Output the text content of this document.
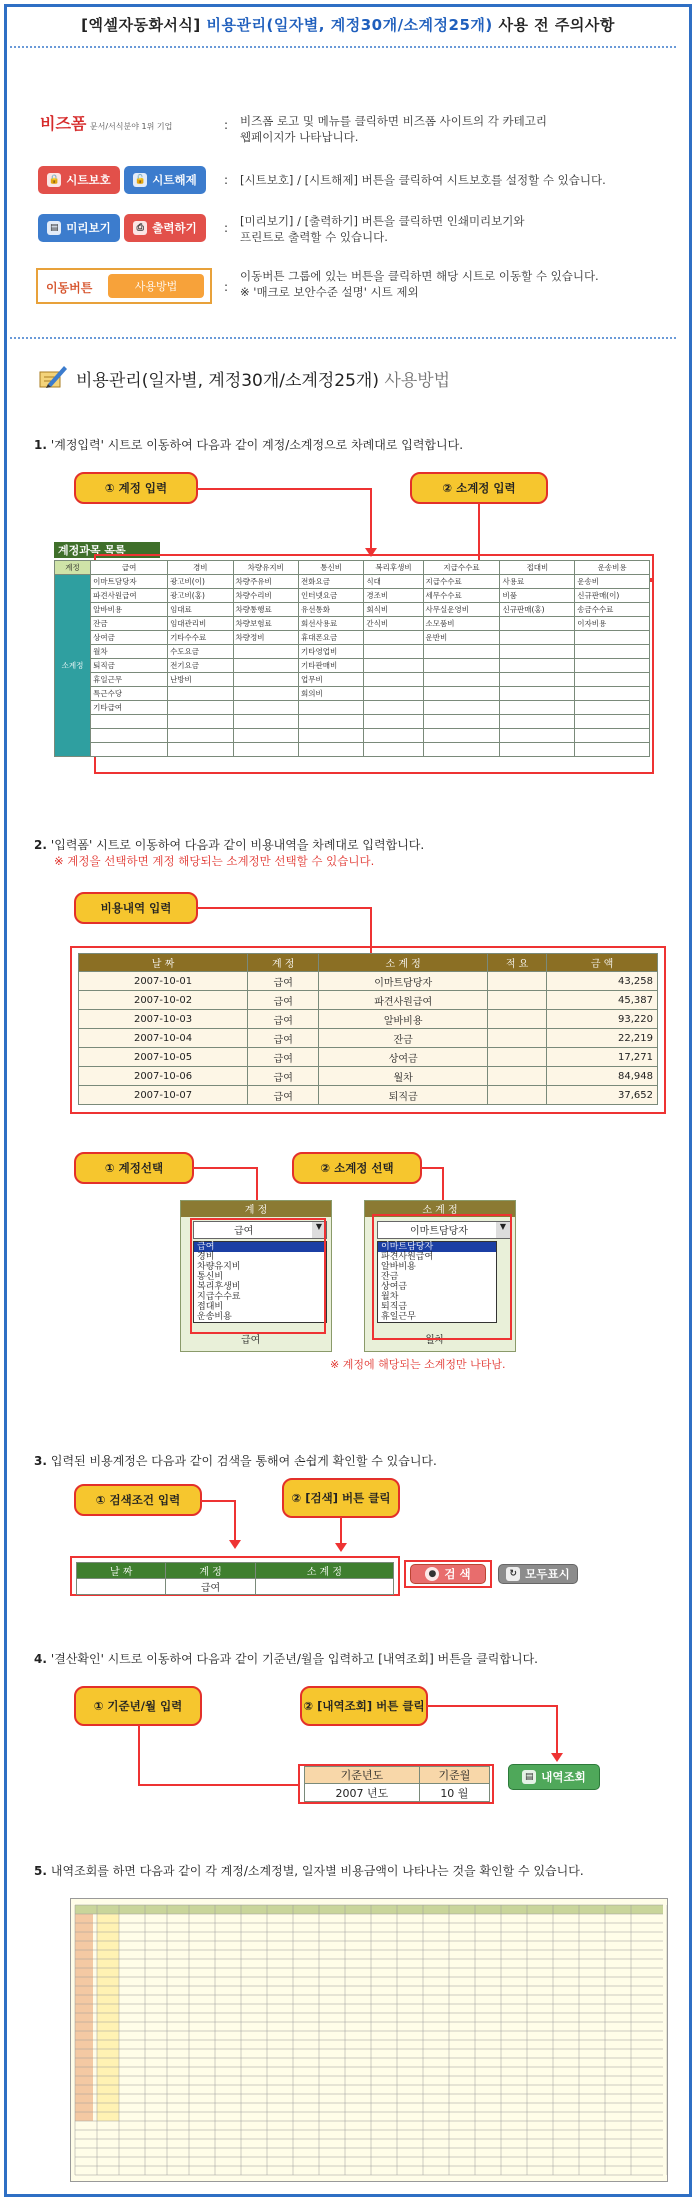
[엑셀자동화서식] 비용관리(일자별, 계정30개/소계정25개) 사용 전 주의사항
비즈폼 문서/서식분야 1위 기업	: 비즈폼 로고 및 메뉴를 클릭하면 비즈폼 사이트의 각 카테고리
웹페이지가 나타납니다.
🔒 시트보호	🔓 시트해제 : [시트보호] / [시트해제] 버튼을 클릭하여 시트보호를 설정할 수 있습니다.
▤ 미리보기	⎙ 출력하기 : [미리보기] / [출력하기] 버튼을 클릭하면 인쇄미리보기와
프린트로 출력할 수 있습니다.
이동버튼	사용방법	:
이동버튼 그룹에 있는 버튼을 클릭하면 해당 시트로 이동할 수 있습니다.
※ '매크로 보안수준 설명' 시트 제외
비용관리(일자별, 계정30개/소계정25개) 사용방법
1. '계정입력' 시트로 이동하여 다음과 같이 계정/소계정으로 차례대로 입력합니다.
① 계정 입력	② 소계정 입력
계정과목 목록
계정	급여	경비	차량유지비	통신비	복리후생비	지급수수료	접대비	운송비용
소계정	이마트담당자	광고비(이)	차량주유비	전화요금	식대	지급수수료	사용료	운송비
	파견사원급여	광고비(홍)	차량수리비	인터넷요금	경조비	세무수수료	비품	신규판매(이)
	알바비용	임대료	차량통행료	유선통화	회식비	사무실운영비	신규판매(홍)	송금수수료
	잔금	임대관리비	차량보험료	회선사용료	간식비	소모품비		이자비용
	상여금	기타수수료	차량정비	휴대폰요금		운반비		
	월차	수도요금		기타영업비				
	퇴직금	전기요금		기타판매비				
	휴일근무	난방비		업무비				
	특근수당			회의비				
	기타급여							

2. '입력폼' 시트로 이동하여 다음과 같이 비용내역을 차례대로 입력합니다.
※ 계정을 선택하면 계정 해당되는 소계정만 선택할 수 있습니다.
비용내역 입력
날 짜	계 정	소 계 정	적 요	금 액
2007-10-01	급여	이마트담당자		43,258
2007-10-02	급여	파견사원급여		45,387
2007-10-03	급여	알바비용		93,220
2007-10-04	급여	잔금		22,219
2007-10-05	급여	상여금		17,271
2007-10-06	급여	월차		84,948
2007-10-07	급여	퇴직금		37,652
① 계정선택	② 소계정 선택
계 정
급여	▼
급여
경비
차량유지비
통신비
복리후생비
지급수수료
접대비
운송비용
급여
소 계 정
이마트담당자	▼
이마트담당자
파견사원급여
알바비용
잔금
상여금
월차
퇴직금
휴일근무
월차
※ 계정에 해당되는 소계정만 나타남.
3. 입력된 비용계정은 다음과 같이 검색을 통해여 손쉽게 확인할 수 있습니다.
① 검색조건 입력	② [검색] 버튼 클릭
날 짜	계 정	소 계 정
	급여	
● 검 색	↻ 모두표시
4. '결산확인' 시트로 이동하여 다음과 같이 기준년/월을 입력하고 [내역조회] 버튼을 클릭합니다.
① 기준년/월 입력	② [내역조회] 버튼 클릭
기준년도	기준월
2007 년도	10 월
▤ 내역조회
5. 내역조회를 하면 다음과 같이 각 계정/소계정별, 일자별 비용금액이 나타나는 것을 확인할 수 있습니다.
